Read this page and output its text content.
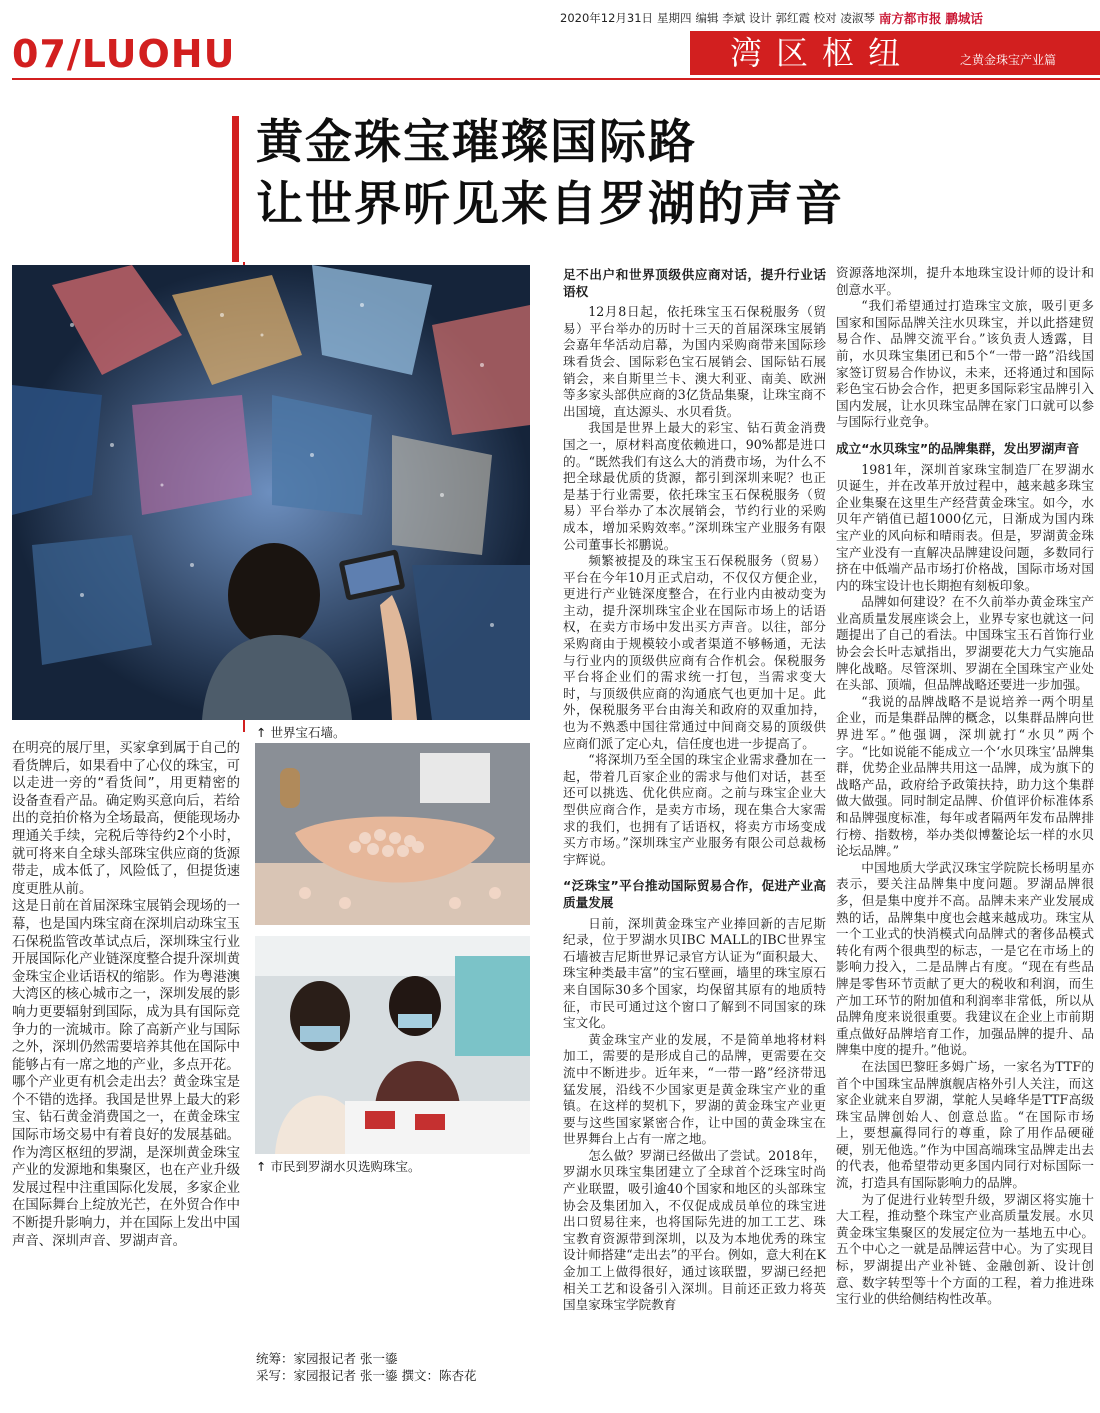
2020年12月31日 星期四 编辑 李斌 设计 郭红霞 校对 凌淑琴 南方都市报 鹏城话
07/LUOHU	湾区枢纽	之黄金珠宝产业篇
黄金珠宝璀璨国际路
让世界听见来自罗湖的声音
↑ 世界宝石墙。
↑ 市民到罗湖水贝选购珠宝。

在明亮的展厅里，买家拿到属于自己的看货牌后，如果看中了心仪的珠宝，可以走进一旁的“看货间”，用更精密的设备查看产品。确定购买意向后，若给出的竞拍价格为全场最高，便能现场办理通关手续，完税后等待约2个小时，就可将来自全球头部珠宝供应商的货源带走，成本低了，风险低了，但提货速度更胜从前。

这是日前在首届深珠宝展销会现场的一幕，也是国内珠宝商在深圳启动珠宝玉石保税监管改革试点后，深圳珠宝行业开展国际化产业链深度整合提升深圳黄金珠宝企业话语权的缩影。作为粤港澳大湾区的核心城市之一，深圳发展的影响力更要辐射到国际，成为具有国际竞争力的一流城市。除了高新产业与国际之外，深圳仍然需要培养其他在国际中能够占有一席之地的产业，多点开花。

哪个产业更有机会走出去？黄金珠宝是个不错的选择。我国是世界上最大的彩宝、钻石黄金消费国之一，在黄金珠宝国际市场交易中有着良好的发展基础。作为湾区枢纽的罗湖，是深圳黄金珠宝产业的发源地和集聚区，也在产业升级发展过程中注重国际化发展，多家企业在国际舞台上绽放光芒，在外贸合作中不断提升影响力，并在国际上发出中国声音、深圳声音、罗湖声音。

足不出户和世界顶级供应商对话，提升行业话语权

12月8日起，依托珠宝玉石保税服务（贸易）平台举办的历时十三天的首届深珠宝展销会嘉年华活动启幕，为国内采购商带来国际珍珠看货会、国际彩色宝石展销会、国际钻石展销会，来自斯里兰卡、澳大利亚、南美、欧洲等多家头部供应商的3亿货品集聚，让珠宝商不出国境，直达源头、水贝看货。

我国是世界上最大的彩宝、钻石黄金消费国之一，原材料高度依赖进口，90%都是进口的。“既然我们有这么大的消费市场，为什么不把全球最优质的货源，都引到深圳来呢？也正是基于行业需要，依托珠宝玉石保税服务（贸易）平台举办了本次展销会，节约行业的采购成本，增加采购效率。”深圳珠宝产业服务有限公司董事长祁鹏说。

频繁被提及的珠宝玉石保税服务（贸易）平台在今年10月正式启动，不仅仅方便企业，更进行产业链深度整合，在行业内由被动变为主动，提升深圳珠宝企业在国际市场上的话语权，在卖方市场中发出买方声音。以往，部分采购商由于规模较小或者渠道不够畅通，无法与行业内的顶级供应商有合作机会。保税服务平台将企业们的需求统一打包，当需求变大时，与顶级供应商的沟通底气也更加十足。此外，保税服务平台由海关和政府的双重加持，也为不熟悉中国往常通过中间商交易的顶级供应商们派了定心丸，信任度也进一步提高了。

“将深圳乃至全国的珠宝企业需求叠加在一起，带着几百家企业的需求与他们对话，甚至还可以挑选、优化供应商。之前与珠宝企业大型供应商合作，是卖方市场，现在集合大家需求的我们，也拥有了话语权，将卖方市场变成买方市场。”深圳珠宝产业服务有限公司总裁杨宇辉说。

“泛珠宝”平台推动国际贸易合作，促进产业高质量发展

日前，深圳黄金珠宝产业捧回新的吉尼斯纪录，位于罗湖水贝IBC MALL的IBC世界宝石墙被吉尼斯世界记录官方认证为“面积最大、珠宝种类最丰富”的宝石壁画，墙里的珠宝原石来自国际30多个国家，均保留其原有的地质特征，市民可通过这个窗口了解到不同国家的珠宝文化。

黄金珠宝产业的发展，不是简单地将材料加工，需要的是形成自己的品牌，更需要在交流中不断进步。近年来，“一带一路”经济带迅猛发展，沿线不少国家更是黄金珠宝产业的重镇。在这样的契机下，罗湖的黄金珠宝产业更要与这些国家紧密合作，让中国的黄金珠宝在世界舞台上占有一席之地。

怎么做？罗湖已经做出了尝试。2018年，罗湖水贝珠宝集团建立了全球首个泛珠宝时尚产业联盟，吸引逾40个国家和地区的头部珠宝协会及集团加入，不仅促成成员单位的珠宝进出口贸易往来，也将国际先进的加工工艺、珠宝教育资源带到深圳，以及为本地优秀的珠宝设计师搭建“走出去”的平台。例如，意大利在K金加工上做得很好，通过该联盟，罗湖已经把相关工艺和设备引入深圳。目前还正致力将英国皇家珠宝学院教育

资源落地深圳，提升本地珠宝设计师的设计和创意水平。

“我们希望通过打造珠宝文旅，吸引更多国家和国际品牌关注水贝珠宝，并以此搭建贸易合作、品牌交流平台。”该负责人透露，目前，水贝珠宝集团已和5个“一带一路”沿线国家签订贸易合作协议，未来，还将通过和国际彩色宝石协会合作，把更多国际彩宝品牌引入国内发展，让水贝珠宝品牌在家门口就可以参与国际行业竞争。

成立“水贝珠宝”的品牌集群，发出罗湖声音

1981年，深圳首家珠宝制造厂在罗湖水贝诞生，并在改革开放过程中，越来越多珠宝企业集聚在这里生产经营黄金珠宝。如今，水贝年产销值已超1000亿元，日渐成为国内珠宝产业的风向标和晴雨表。但是，罗湖黄金珠宝产业没有一直解决品牌建设问题，多数同行挤在中低端产品市场打价格战，国际市场对国内的珠宝设计也长期抱有刻板印象。

品牌如何建设？在不久前举办黄金珠宝产业高质量发展座谈会上，业界专家也就这一问题提出了自己的看法。中国珠宝玉石首饰行业协会会长叶志斌指出，罗湖要花大力气实施品牌化战略。尽管深圳、罗湖在全国珠宝产业处在头部、顶端，但品牌战略还要进一步加强。

“我说的品牌战略不是说培养一两个明星企业，而是集群品牌的概念，以集群品牌向世界进军。”他强调，深圳就打“水贝”两个字。“比如说能不能成立一个‘水贝珠宝’品牌集群，优势企业品牌共用这一品牌，成为旗下的战略产品，政府给予政策扶持，助力这个集群做大做强。同时制定品牌、价值评价标准体系和品牌强度标准，每年或者隔两年发布品牌排行榜、指数榜，举办类似博鳌论坛一样的水贝论坛品牌。”

中国地质大学武汉珠宝学院院长杨明星亦表示，要关注品牌集中度问题。罗湖品牌很多，但是集中度并不高。品牌未来产业发展成熟的话，品牌集中度也会越来越成功。珠宝从一个工业式的快消模式向品牌式的奢侈品模式转化有两个很典型的标志，一是它在市场上的影响力投入，二是品牌占有度。“现在有些品牌是零售环节贡献了更大的税收和利润，而生产加工环节的附加值和利润率非常低，所以从品牌角度来说很重要。我建议在企业上市前期重点做好品牌培育工作，加强品牌的提升、品牌集中度的提升。”他说。

在法国巴黎旺多姆广场，一家名为TTF的首个中国珠宝品牌旗舰店格外引人关注，而这家企业就来自罗湖，掌舵人吴峰华是TTF高级珠宝品牌创始人、创意总监。“在国际市场上，要想赢得同行的尊重，除了用作品硬碰硬，别无他选。”作为中国高端珠宝品牌走出去的代表，他希望带动更多国内同行对标国际一流，打造具有国际影响力的品牌。

为了促进行业转型升级，罗湖区将实施十大工程，推动整个珠宝产业高质量发展。水贝黄金珠宝集聚区的发展定位为一基地五中心。五个中心之一就是品牌运营中心。为了实现目标，罗湖提出产业补链、金融创新、设计创意、数字转型等十个方面的工程，着力推进珠宝行业的供给侧结构性改革。

统筹：家园报记者 张一鎏
采写：家园报记者 张一鎏 撰文：陈杏花
